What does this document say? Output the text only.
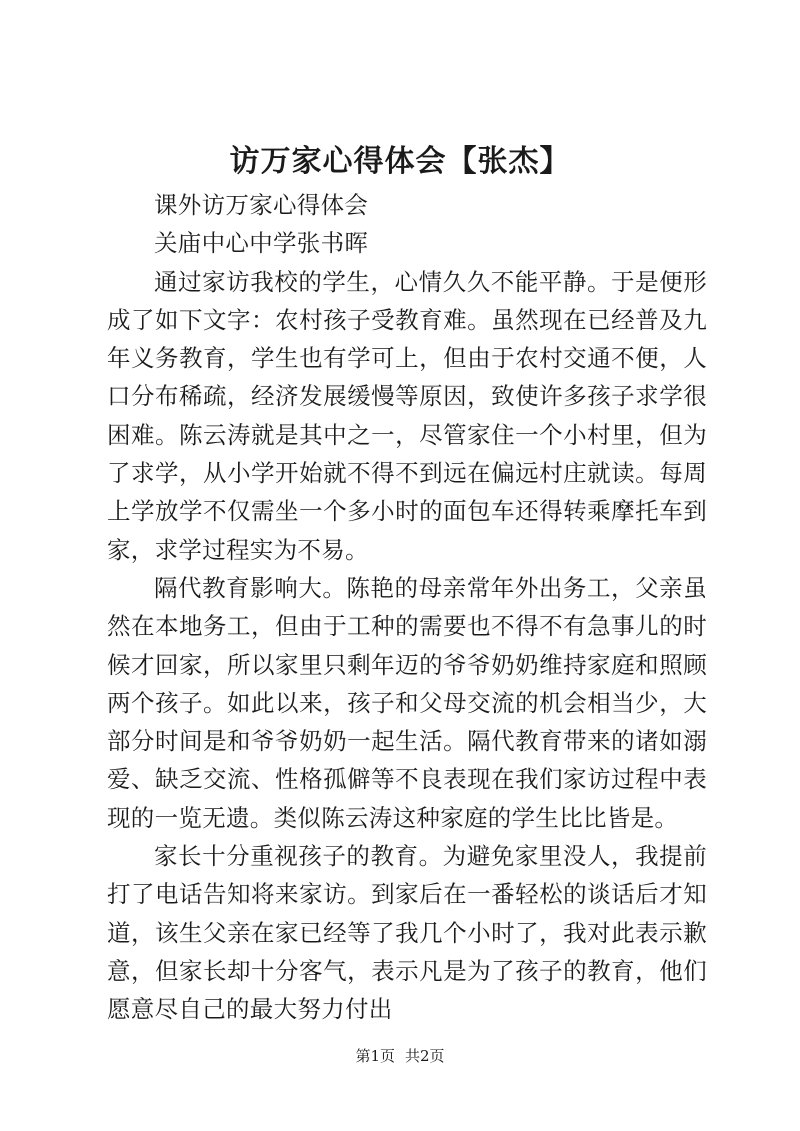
访万家心得体会【张杰】

课外访万家心得体会

关庙中心中学张书晖

通过家访我校的学生，心情久久不能平静。于是便形成了如下文字：农村孩子受教育难。虽然现在已经普及九年义务教育，学生也有学可上，但由于农村交通不便，人口分布稀疏，经济发展缓慢等原因，致使许多孩子求学很困难。陈云涛就是其中之一，尽管家住一个小村里，但为了求学，从小学开始就不得不到远在偏远村庄就读。每周上学放学不仅需坐一个多小时的面包车还得转乘摩托车到家，求学过程实为不易。

隔代教育影响大。陈艳的母亲常年外出务工，父亲虽然在本地务工，但由于工种的需要也不得不有急事儿的时候才回家，所以家里只剩年迈的爷爷奶奶维持家庭和照顾两个孩子。如此以来，孩子和父母交流的机会相当少，大部分时间是和爷爷奶奶一起生活。隔代教育带来的诸如溺爱、缺乏交流、性格孤僻等不良表现在我们家访过程中表现的一览无遗。类似陈云涛这种家庭的学生比比皆是。

家长十分重视孩子的教育。为避免家里没人，我提前打了电话告知将来家访。到家后在一番轻松的谈话后才知道，该生父亲在家已经等了我几个小时了，我对此表示歉意，但家长却十分客气，表示凡是为了孩子的教育，他们愿意尽自己的最大努力付出

第1页 共2页
